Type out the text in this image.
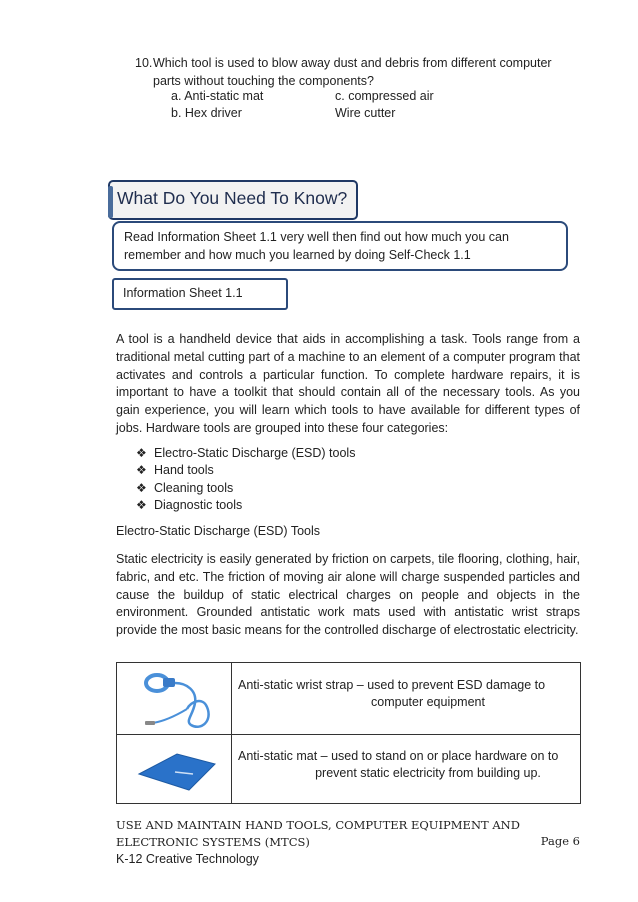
10. Which tool is used to blow away dust and debris from different computer parts without touching the components?
a. Anti-static mat
b. Hex driver
c. compressed air
Wire cutter
What Do You Need To Know?
Read Information Sheet 1.1 very well then find out how much you can remember and how much you learned by doing Self-Check 1.1
Information Sheet 1.1
A tool is a handheld device that aids in accomplishing a task. Tools range from a traditional metal cutting part of a machine to an element of a computer program that activates and controls a particular function. To complete hardware repairs, it is important to have a toolkit that should contain all of the necessary tools. As you gain experience, you will learn which tools to have available for different types of jobs. Hardware tools are grouped into these four categories:
❖ Electro-Static Discharge (ESD) tools
❖ Hand tools
❖ Cleaning tools
❖ Diagnostic tools
Electro-Static Discharge (ESD) Tools
Static electricity is easily generated by friction on carpets, tile flooring, clothing, hair, fabric, and etc. The friction of moving air alone will charge suspended particles and cause the buildup of static electrical charges on people and objects in the environment. Grounded antistatic work mats used with antistatic wrist straps provide the most basic means for the controlled discharge of electrostatic electricity.
Anti-static wrist strap – used to prevent ESD damage to
computer equipment
Anti-static mat – used to stand on or place hardware on to
prevent static electricity from building up.
USE AND MAINTAIN HAND TOOLS, COMPUTER EQUIPMENT AND
ELECTRONIC SYSTEMS (MTCS)	Page 6
K-12 Creative Technology
